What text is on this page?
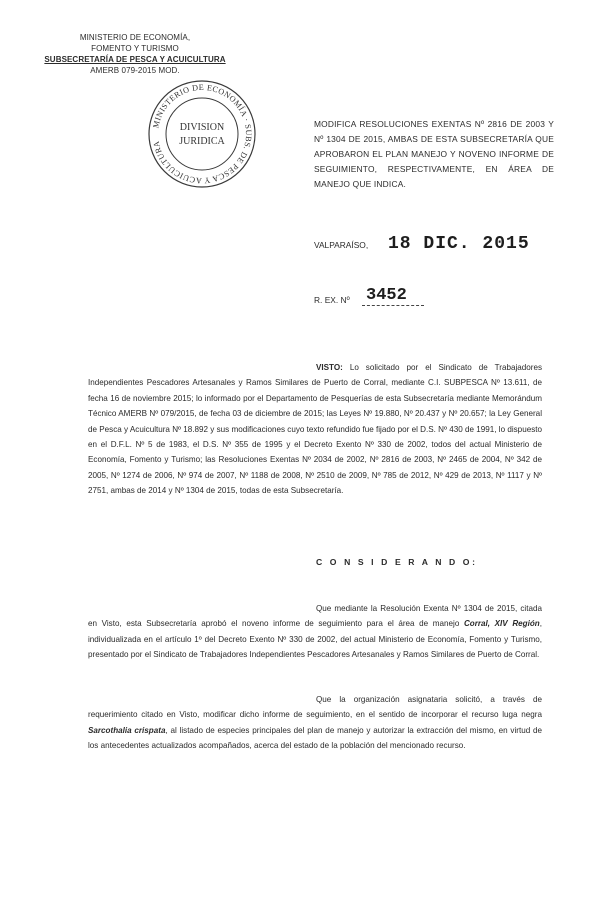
MINISTERIO DE ECONOMÍA,
FOMENTO Y TURISMO
SUBSECRETARÍA DE PESCA Y ACUICULTURA
AMERB 079-2015 MOD.
MINISTERIO DE ECONOMÍA · SUBS. DE PESCA Y ACUICULTURA
DIVISION
JURIDICA
MODIFICA RESOLUCIONES EXENTAS Nº 2816 DE 2003 Y Nº 1304 DE 2015, AMBAS DE ESTA SUBSECRETARÍA QUE APROBARON EL PLAN MANEJO Y NOVENO INFORME DE SEGUIMIENTO, RESPECTIVAMENTE, EN ÁREA DE MANEJO QUE INDICA.
VALPARAÍSO, 18 DIC. 2015
R. EX. Nº 3452

VISTO: Lo solicitado por el Sindicato de Trabajadores Independientes Pescadores Artesanales y Ramos Similares de Puerto de Corral, mediante C.I. SUBPESCA Nº 13.611, de fecha 16 de noviembre 2015; lo informado por el Departamento de Pesquerías de esta Subsecretaría mediante Memorándum Técnico AMERB Nº 079/2015, de fecha 03 de diciembre de 2015; las Leyes Nº 19.880, Nº 20.437 y Nº 20.657; la Ley General de Pesca y Acuicultura Nº 18.892 y sus modificaciones cuyo texto refundido fue fijado por el D.S. Nº 430 de 1991, lo dispuesto en el D.F.L. Nº 5 de 1983, el D.S. Nº 355 de 1995 y el Decreto Exento Nº 330 de 2002, todos del actual Ministerio de Economía, Fomento y Turismo; las Resoluciones Exentas Nº 2034 de 2002, Nº 2816 de 2003, Nº 2465 de 2004, Nº 342 de 2005, Nº 1274 de 2006, Nº 974 de 2007, Nº 1188 de 2008, Nº 2510 de 2009, Nº 785 de 2012, Nº 429 de 2013, Nº 1117 y Nº 2751, ambas de 2014 y Nº 1304 de 2015, todas de esta Subsecretaría.

C O N S I D E R A N D O:

Que mediante la Resolución Exenta Nº 1304 de 2015, citada en Visto, esta Subsecretaría aprobó el noveno informe de seguimiento para el área de manejo Corral, XIV Región, individualizada en el artículo 1º del Decreto Exento Nº 330 de 2002, del actual Ministerio de Economía, Fomento y Turismo, presentado por el Sindicato de Trabajadores Independientes Pescadores Artesanales y Ramos Similares de Puerto de Corral.

Que la organización asignataria solicitó, a través de requerimiento citado en Visto, modificar dicho informe de seguimiento, en el sentido de incorporar el recurso luga negra Sarcothalia crispata, al listado de especies principales del plan de manejo y autorizar la extracción del mismo, en virtud de los antecedentes actualizados acompañados, acerca del estado de la población del mencionado recurso.
